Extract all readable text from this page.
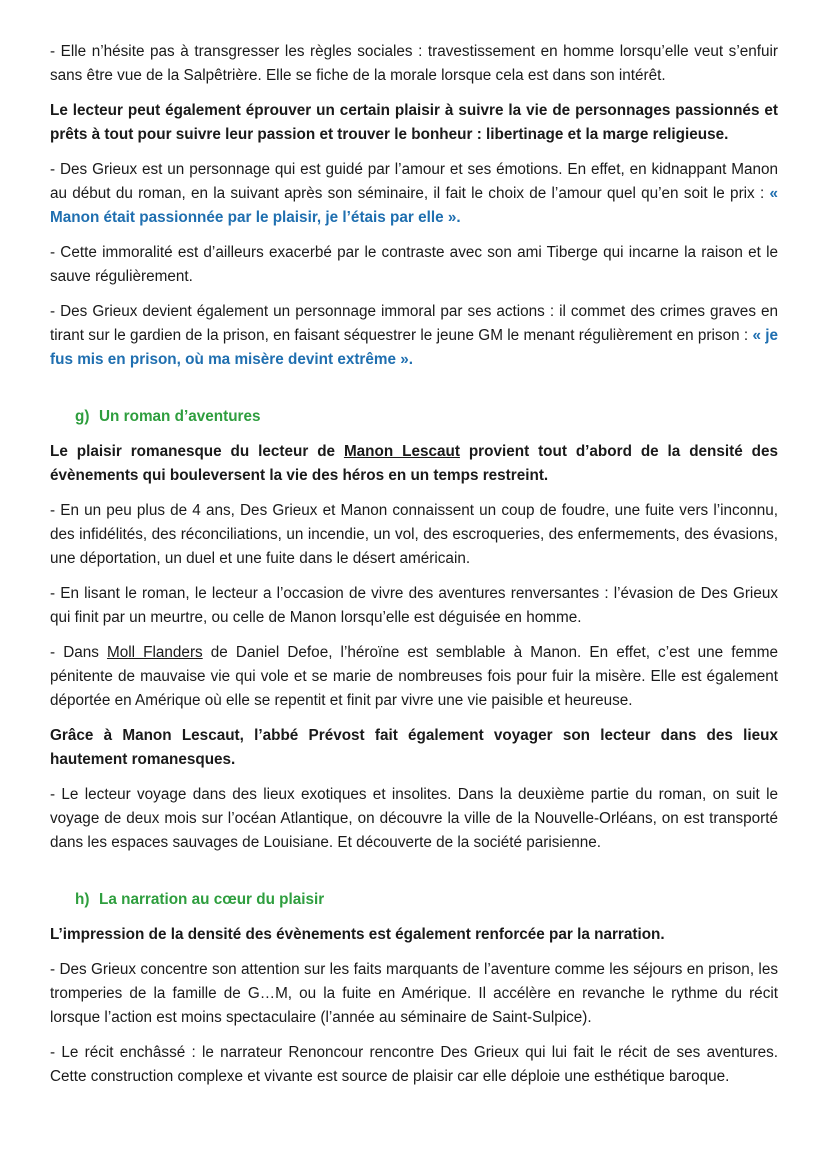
- Elle n’hésite pas à transgresser les règles sociales : travestissement en homme lorsqu’elle veut s’enfuir sans être vue de la Salpêtrière. Elle se fiche de la morale lorsque cela est dans son intérêt.

Le lecteur peut également éprouver un certain plaisir à suivre la vie de personnages passionnés et prêts à tout pour suivre leur passion et trouver le bonheur : libertinage et la marge religieuse.

- Des Grieux est un personnage qui est guidé par l’amour et ses émotions. En effet, en kidnappant Manon au début du roman, en la suivant après son séminaire, il fait le choix de l’amour quel qu’en soit le prix : « Manon était passionnée par le plaisir, je l’étais par elle ».

- Cette immoralité est d’ailleurs exacerbé par le contraste avec son ami Tiberge qui incarne la raison et le sauve régulièrement.

- Des Grieux devient également un personnage immoral par ses actions : il commet des crimes graves en tirant sur le gardien de la prison, en faisant séquestrer le jeune GM le menant régulièrement en prison : « je fus mis en prison, où ma misère devint extrême ».

g) Un roman d’aventures

Le plaisir romanesque du lecteur de Manon Lescaut provient tout d’abord de la densité des évènements qui bouleversent la vie des héros en un temps restreint.

- En un peu plus de 4 ans, Des Grieux et Manon connaissent un coup de foudre, une fuite vers l’inconnu, des infidélités, des réconciliations, un incendie, un vol, des escroqueries, des enfermements, des évasions, une déportation, un duel et une fuite dans le désert américain.

- En lisant le roman, le lecteur a l’occasion de vivre des aventures renversantes : l’évasion de Des Grieux qui finit par un meurtre, ou celle de Manon lorsqu’elle est déguisée en homme.

- Dans Moll Flanders de Daniel Defoe, l’héroïne est semblable à Manon. En effet, c’est une femme pénitente de mauvaise vie qui vole et se marie de nombreuses fois pour fuir la misère. Elle est également déportée en Amérique où elle se repentit et finit par vivre une vie paisible et heureuse.

Grâce à Manon Lescaut, l’abbé Prévost fait également voyager son lecteur dans des lieux hautement romanesques.

- Le lecteur voyage dans des lieux exotiques et insolites. Dans la deuxième partie du roman, on suit le voyage de deux mois sur l’océan Atlantique, on découvre la ville de la Nouvelle-Orléans, on est transporté dans les espaces sauvages de Louisiane. Et découverte de la société parisienne.

h) La narration au cœur du plaisir

L’impression de la densité des évènements est également renforcée par la narration.

- Des Grieux concentre son attention sur les faits marquants de l’aventure comme les séjours en prison, les tromperies de la famille de G…M, ou la fuite en Amérique. Il accélère en revanche le rythme du récit lorsque l’action est moins spectaculaire (l’année au séminaire de Saint-Sulpice).

- Le récit enchâssé : le narrateur Renoncour rencontre Des Grieux qui lui fait le récit de ses aventures. Cette construction complexe et vivante est source de plaisir car elle déploie une esthétique baroque.
